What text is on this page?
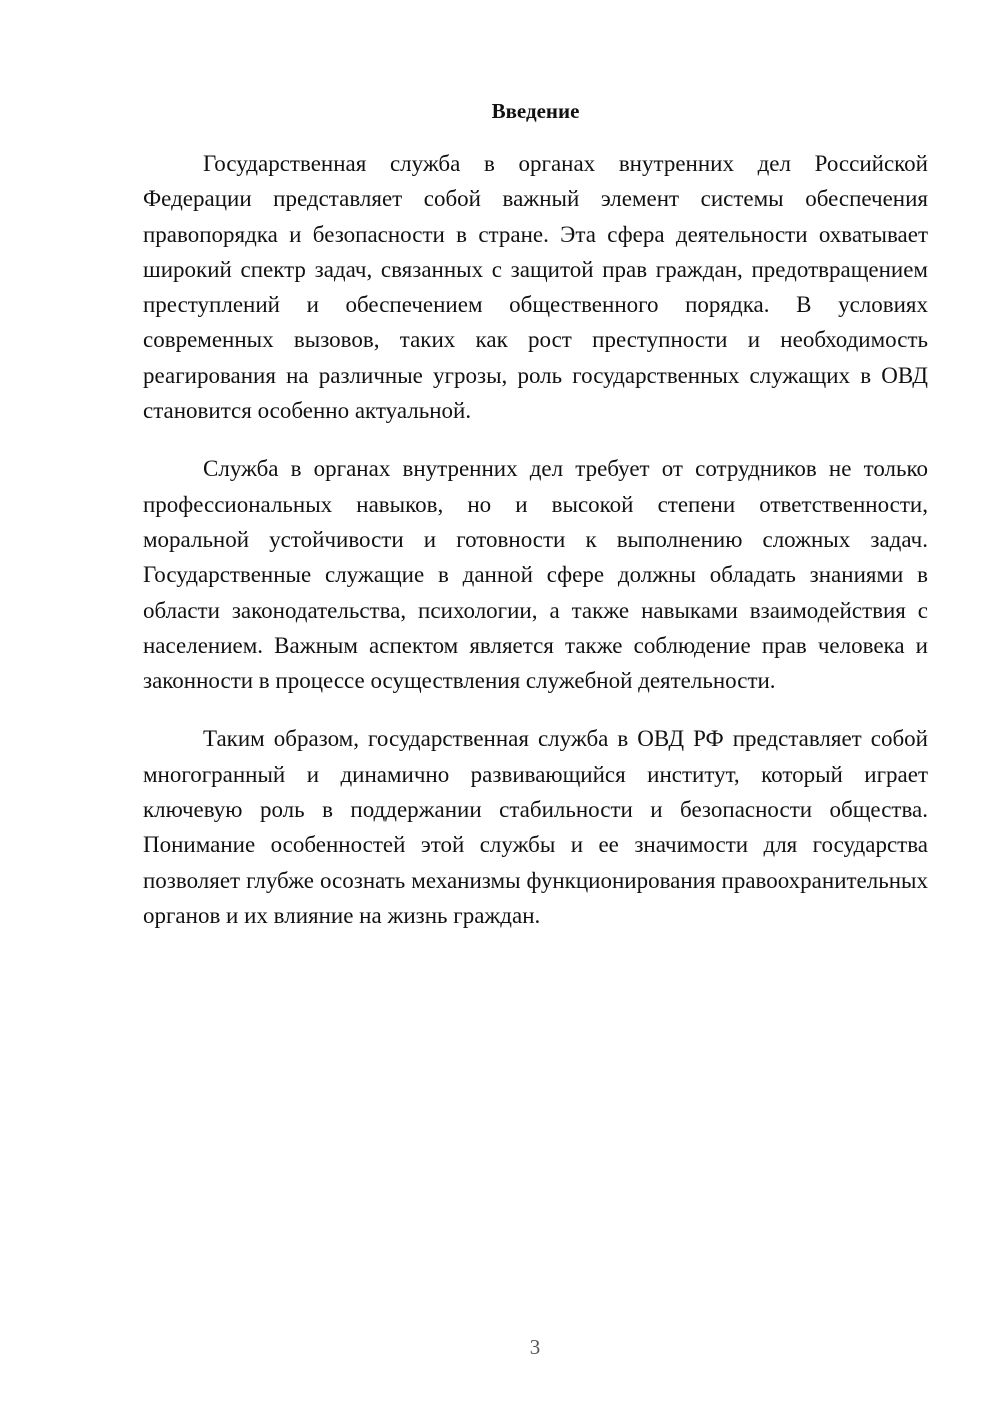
Введение

Государственная служба в органах внутренних дел Российской Федерации представляет собой важный элемент системы обеспечения правопорядка и безопасности в стране. Эта сфера деятельности охватывает широкий спектр задач, связанных с защитой прав граждан, предотвращением преступлений и обеспечением общественного порядка. В условиях современных вызовов, таких как рост преступности и необходимость реагирования на различные угрозы, роль государственных служащих в ОВД становится особенно актуальной.

Служба в органах внутренних дел требует от сотрудников не только профессиональных навыков, но и высокой степени ответственности, моральной устойчивости и готовности к выполнению сложных задач. Государственные служащие в данной сфере должны обладать знаниями в области законодательства, психологии, а также навыками взаимодействия с населением. Важным аспектом является также соблюдение прав человека и законности в процессе осуществления служебной деятельности.

Таким образом, государственная служба в ОВД РФ представляет собой многогранный и динамично развивающийся институт, который играет ключевую роль в поддержании стабильности и безопасности общества. Понимание особенностей этой службы и ее значимости для государства позволяет глубже осознать механизмы функционирования правоохранительных органов и их влияние на жизнь граждан.

3
